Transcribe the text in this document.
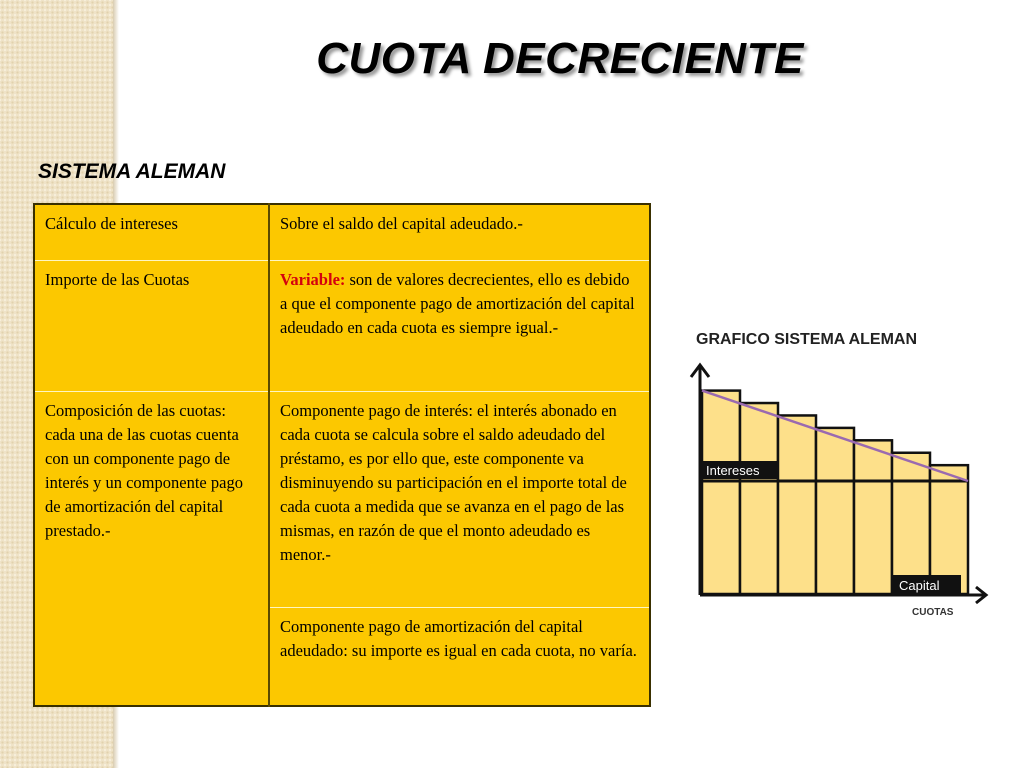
CUOTA DECRECIENTE
SISTEMA ALEMAN
Cálculo de intereses	Sobre el saldo del capital adeudado.-
Importe de las Cuotas	Variable: son de valores decrecientes, ello es debido a que el componente pago de amortización del capital adeudado en cada cuota es siempre igual.-
Composición de las cuotas: cada una de las cuotas cuenta con un componente pago de interés y un componente pago de amortización del capital prestado.-	Componente pago de interés: el interés abonado en cada cuota se calcula sobre el saldo adeudado del préstamo, es por ello que, este componente va disminuyendo su participación en el importe total de cada cuota a medida que se avanza en el pago de las mismas, en razón de que el monto adeudado es menor.-
	Componente pago de amortización del capital adeudado: su importe es igual en cada cuota, no varía.
GRAFICO SISTEMA ALEMAN
Intereses
Capital
CUOTAS
